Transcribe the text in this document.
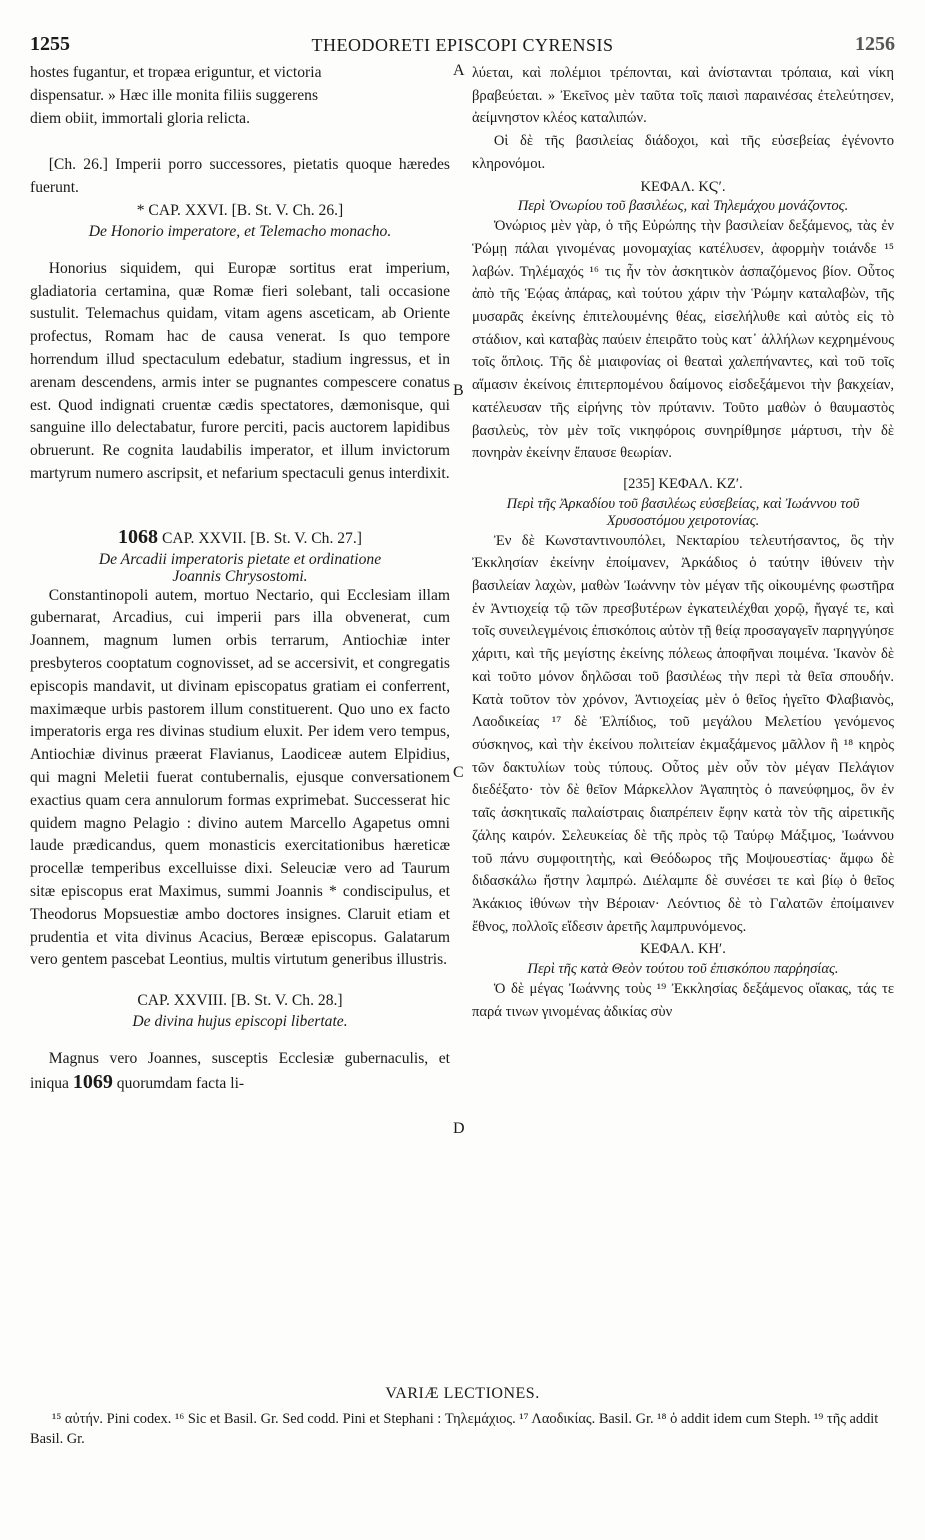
1255	THEODORETI EPISCOPI CYRENSIS	1256

hostes fugantur, et tropæa eriguntur, et victoria

dispensatur. » Hæc ille monita filiis suggerens

diem obiit, immortali gloria relicta.

[Ch. 26.] Imperii porro successores, pietatis quoque hæredes fuerunt.

* CAP. XXVI. [B. St. V. Ch. 26.]

De Honorio imperatore, et Telemacho monacho.

Honorius siquidem, qui Europæ sortitus erat imperium, gladiatoria certamina, quæ Romæ fieri solebant, tali occasione sustulit. Telemachus quidam, vitam agens asceticam, ab Oriente profectus, Romam hac de causa venerat. Is quo tempore horrendum illud spectaculum edebatur, stadium ingressus, et in arenam descendens, armis inter se pugnantes compescere conatus est. Quod indignati cruentæ cædis spectatores, dæmonisque, qui sanguine illo delectabatur, furore perciti, pacis auctorem lapidibus obruerunt. Re cognita laudabilis imperator, et illum invictorum martyrum numero ascripsit, et nefarium spectaculi genus interdixit.

1068 CAP. XXVII. [B. St. V. Ch. 27.]

De Arcadii imperatoris pietate et ordinatione

Joannis Chrysostomi.

Constantinopoli autem, mortuo Nectario, qui Ecclesiam illam gubernarat, Arcadius, cui imperii pars illa obvenerat, cum Joannem, magnum lumen orbis terrarum, Antiochiæ inter presbyteros cooptatum cognovisset, ad se accersivit, et congregatis episcopis mandavit, ut divinam episcopatus gratiam ei conferrent, maximæque urbis pastorem illum constituerent. Quo uno ex facto imperatoris erga res divinas studium eluxit. Per idem vero tempus, Antiochiæ divinus præerat Flavianus, Laodiceæ autem Elpidius, qui magni Meletii fuerat contubernalis, ejusque conversationem exactius quam cera annulorum formas exprimebat. Successerat hic quidem magno Pelagio : divino autem Marcello Agapetus omni laude prædicandus, quem monasticis exercitationibus hæreticæ procellæ temperibus excelluisse dixi. Seleuciæ vero ad Taurum sitæ episcopus erat Maximus, summi Joannis * condiscipulus, et Theodorus Mopsuestiæ ambo doctores insignes. Claruit etiam et prudentia et vita divinus Acacius, Berœæ episcopus. Galatarum vero gentem pascebat Leontius, multis virtutum generibus illustris.

CAP. XXVIII. [B. St. V. Ch. 28.]

De divina hujus episcopi libertate.

Magnus vero Joannes, susceptis Ecclesiæ gubernaculis, et iniqua 1069 quorumdam facta li-

A
B
C
D

λύεται, καὶ πολέμιοι τρέπονται, καὶ ἀνίστανται τρόπαια, καὶ νίκη βραβεύεται. » Ἐκεῖνος μὲν ταῦτα τοῖς παισὶ παραινέσας ἐτελεύτησεν, ἀείμνηστον κλέος καταλιπών.

Οἱ δὲ τῆς βασιλείας διάδοχοι, καὶ τῆς εὐσεβείας ἐγένοντο κληρονόμοι.

ΚΕΦΑΛ. ΚϚʹ.

Περὶ Ὀνωρίου τοῦ βασιλέως, καὶ Τηλεμάχου μονάζοντος.

Ὀνώριος μὲν γὰρ, ὁ τῆς Εὐρώπης τὴν βασιλείαν δεξάμενος, τὰς ἐν Ῥώμῃ πάλαι γινομένας μονομαχίας κατέλυσεν, ἀφορμὴν τοιάνδε ¹⁵ λαβών. Τηλέμαχός ¹⁶ τις ἦν τὸν ἀσκητικὸν ἀσπαζόμενος βίον. Οὗτος ἀπὸ τῆς Ἑῴας ἀπάρας, καὶ τούτου χάριν τὴν Ῥώμην καταλαβὼν, τῆς μυσαρᾶς ἐκείνης ἐπιτελουμένης θέας, εἰσελήλυθε καὶ αὐτὸς εἰς τὸ στάδιον, καὶ καταβὰς παύειν ἐπειρᾶτο τοὺς κατ᾽ ἀλλήλων κεχρημένους τοῖς ὅπλοις. Τῆς δὲ μιαιφονίας οἱ θεαταὶ χαλεπήναντες, καὶ τοῦ τοῖς αἵμασιν ἐκείνοις ἐπιτερπομένου δαίμονος εἰσδεξάμενοι τὴν βακχείαν, κατέλευσαν τῆς εἰρήνης τὸν πρύτανιν. Τοῦτο μαθὼν ὁ θαυμαστὸς βασιλεὺς, τὸν μὲν τοῖς νικηφόροις συνηρίθμησε μάρτυσι, τὴν δὲ πονηρὰν ἐκείνην ἔπαυσε θεωρίαν.

[235] ΚΕΦΑΛ. ΚΖʹ.

Περὶ τῆς Ἀρκαδίου τοῦ βασιλέως εὐσεβείας, καὶ Ἰωάννου τοῦ Χρυσοστόμου χειροτονίας.

Ἐν δὲ Κωνσταντινουπόλει, Νεκταρίου τελευτήσαντος, ὃς τὴν Ἐκκλησίαν ἐκείνην ἐποίμανεν, Ἀρκάδιος ὁ ταύτην ἰθύνειν τὴν βασιλείαν λαχὼν, μαθὼν Ἰωάννην τὸν μέγαν τῆς οἰκουμένης φωστῆρα ἐν Ἀντιοχείᾳ τῷ τῶν πρεσβυτέρων ἐγκατειλέχθαι χορῷ, ἤγαγέ τε, καὶ τοῖς συνειλεγμένοις ἐπισκόποις αὐτὸν τῇ θείᾳ προσαγαγεῖν παρηγγύησε χάριτι, καὶ τῆς μεγίστης ἐκείνης πόλεως ἀποφῆναι ποιμένα. Ἱκανὸν δὲ καὶ τοῦτο μόνον δηλῶσαι τοῦ βασιλέως τὴν περὶ τὰ θεῖα σπουδήν. Κατὰ τοῦτον τὸν χρόνον, Ἀντιοχείας μὲν ὁ θεῖος ἡγεῖτο Φλαβιανὸς, Λαοδικείας ¹⁷ δὲ Ἐλπίδιος, τοῦ μεγάλου Μελετίου γενόμενος σύσκηνος, καὶ τὴν ἐκείνου πολιτείαν ἐκμαξάμενος μᾶλλον ἢ ¹⁸ κηρὸς τῶν δακτυλίων τοὺς τύπους. Οὗτος μὲν οὖν τὸν μέγαν Πελάγιον διεδέξατο· τὸν δὲ θεῖον Μάρκελλον Ἀγαπητὸς ὁ πανεύφημος, ὃν ἐν ταῖς ἀσκητικαῖς παλαίστραις διαπρέπειν ἔφην κατὰ τὸν τῆς αἱρετικῆς ζάλης καιρόν. Σελευκείας δὲ τῆς πρὸς τῷ Ταύρῳ Μάξιμος, Ἰωάννου τοῦ πάνυ συμφοιτητὴς, καὶ Θεόδωρος τῆς Μοψουεστίας· ἄμφω δὲ διδασκάλω ἤστην λαμπρώ. Διέλαμπε δὲ συνέσει τε καὶ βίῳ ὁ θεῖος Ἀκάκιος ἰθύνων τὴν Βέροιαν· Λεόντιος δὲ τὸ Γαλατῶν ἐποίμαινεν ἔθνος, πολλοῖς εἴδεσιν ἀρετῆς λαμπρυνόμενος.

ΚΕΦΑΛ. ΚΗʹ.

Περὶ τῆς κατὰ Θεὸν τούτου τοῦ ἐπισκόπου παρῥησίας.

Ὁ δὲ μέγας Ἰωάννης τοὺς ¹⁹ Ἐκκλησίας δεξάμενος οἴακας, τάς τε παρά τινων γινομένας ἀδικίας σὺν

VARIÆ LECTIONES.

¹⁵ αὐτήν. Pini codex. ¹⁶ Sic et Basil. Gr. Sed codd. Pini et Stephani : Τηλεμάχιος. ¹⁷ Λαοδικίας. Basil. Gr. ¹⁸ ὁ addit idem cum Steph. ¹⁹ τῆς addit Basil. Gr.
